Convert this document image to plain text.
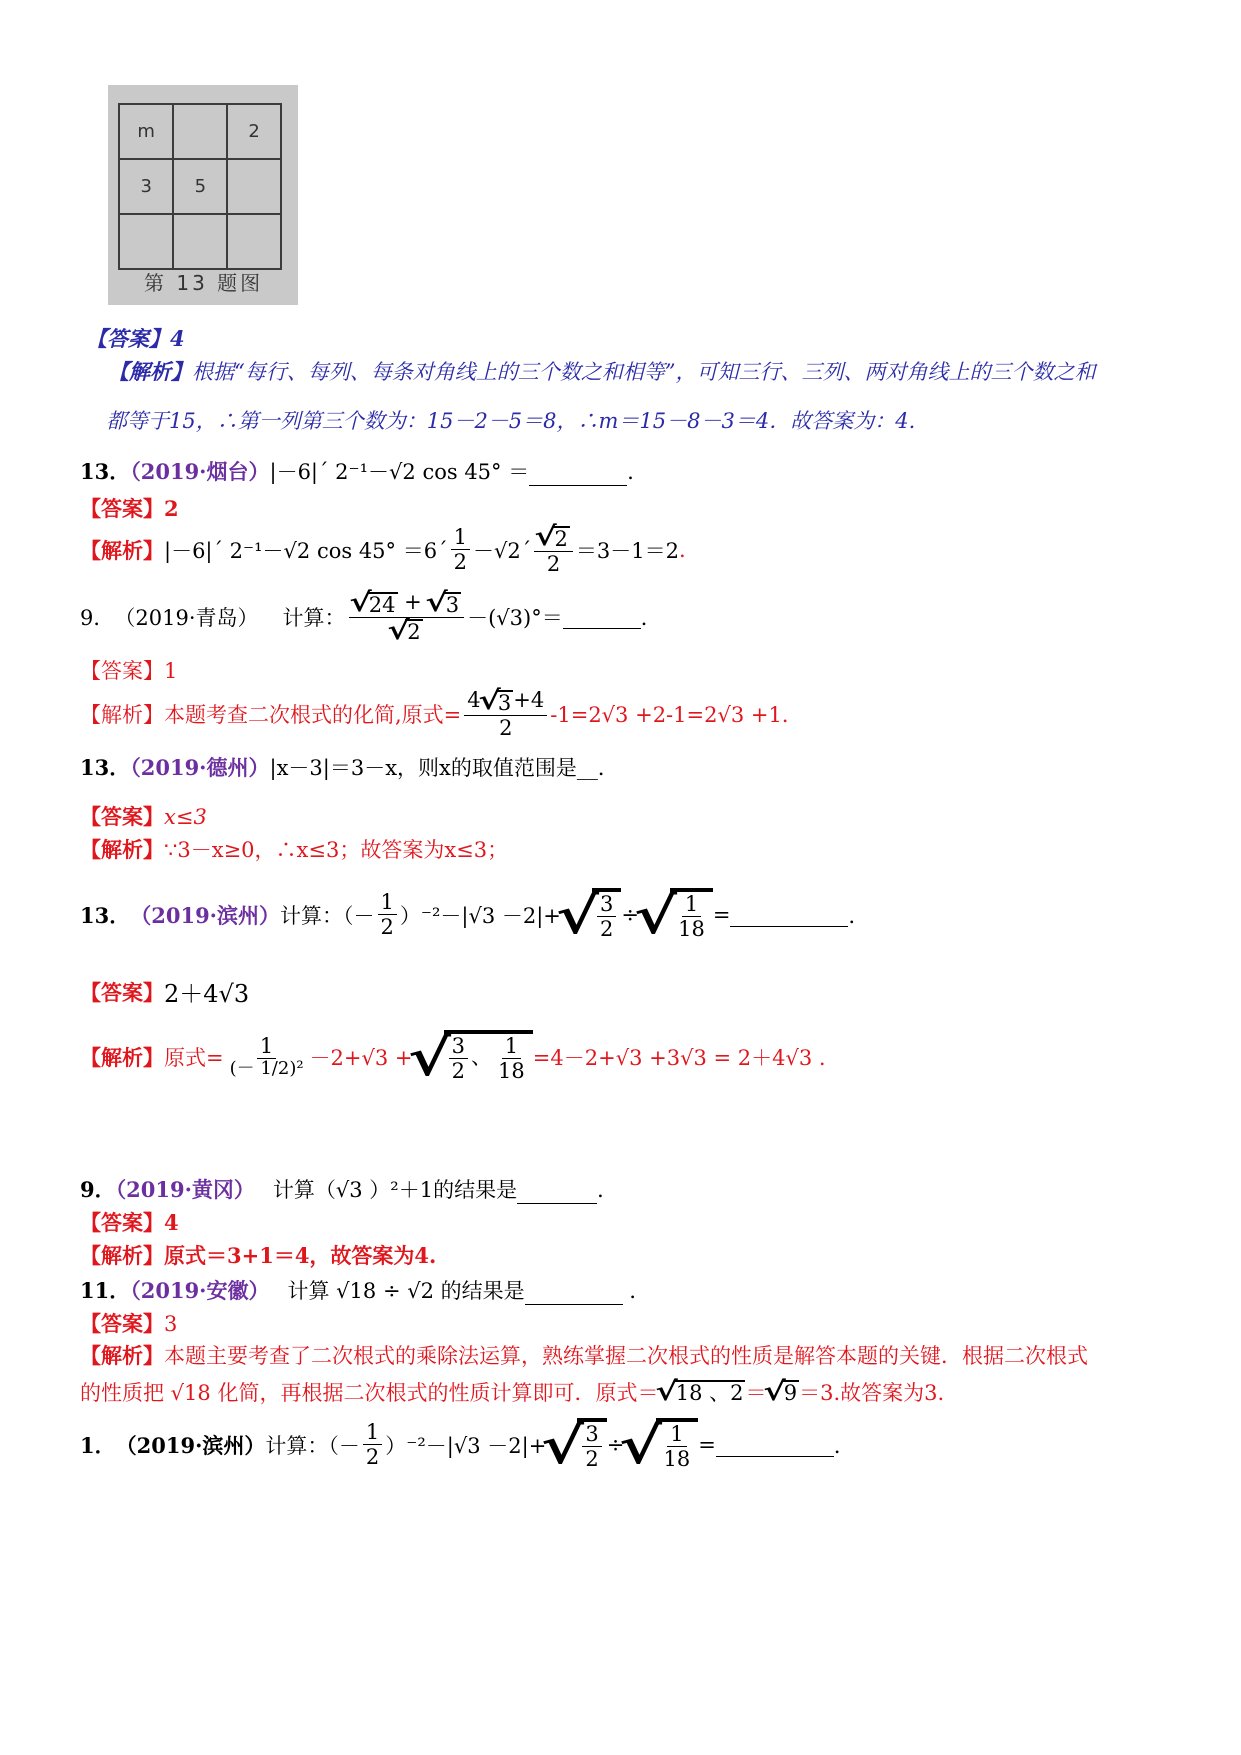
m		2
3	5	

第 13 题图
【答案】4
【解析】根据“每行、每列、每条对角线上的三个数之和相等”，可知三行、三列、两对角线上的三个数之和
都等于15，∴第一列第三个数为：15－2－5＝8，∴m＝15－8－3＝4．故答案为：4.
13．（2019·烟台）|－6|´ 2⁻¹－√2 cos 45° ＝	．
【答案】2
【解析】 |－6|´ 2⁻¹－√2 cos 45° ＝6´ $\frac{1}{2}$ －√2´ √
2
2 ＝3－1＝2 .
9． （2019·青岛） 计算： √
24 +
√
3
√
2 －(√3)°＝	．
【答案】1
【解析】 本题考查二次根式的化简,原式= 4
√
3 +4
2 -1=2√3 +2-1=2√3 +1．
13．（2019·德州）|x－3|＝3－x，则x的取值范围是__．
【答案】x≤3
【解析】∵3－x≥0，∴x≤3；故答案为x≤3；
13． （2019·滨州） 计算：（－ $\frac{1}{2} )^{-2}-|√3 -2|+$
√
$\frac{3}{2}$ ÷
√
$\frac{1}{18}$ =	．
【答案】 2＋4√3
【解析】 原式= $\frac{1}{\text{(－ 1/2)²}} -2+√3$ +
√
$\frac{3}{2}$ 、 $\frac{1}{18} =4-2+√3 +3√3 = 2+4√3$ .
9．（2019·黄冈） 计算（√3 ）²＋1的结果是	．
【答案】4
【解析】原式＝3+1＝4，故答案为4.
11．（2019·安徽） 计算 √18 ÷ √2 的结果是	．
【答案】3
【解析】本题主要考查了二次根式的乘除法运算，熟练掌握二次根式的性质是解答本题的关键．根据二次根式
的性质把 √18 化简，再根据二次根式的性质计算即可．原式＝
√
18 、2 ＝
√
9 ＝3.故答案为3.
1． （2019·滨州） 计算：（－ $\frac{1}{2} )^{-2}-|√3 -2|+$
√
$\frac{3}{2}$ ÷
√
$\frac{1}{18}$ =	．
